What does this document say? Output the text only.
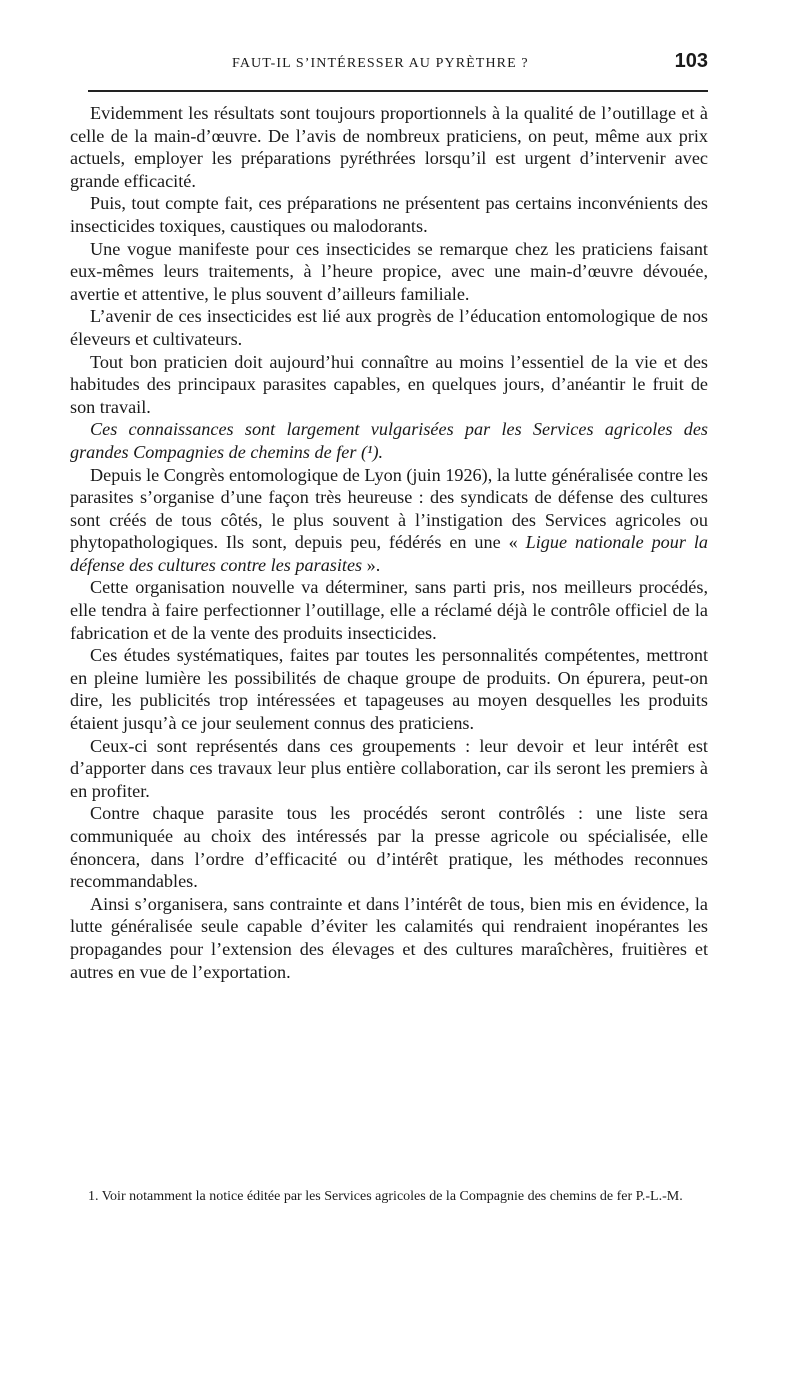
FAUT-IL S’INTÉRESSER AU PYRÈTHRE ?	103

Evidemment les résultats sont toujours proportionnels à la qualité de l’outillage et à celle de la main-d’œuvre. De l’avis de nombreux praticiens, on peut, même aux prix actuels, employer les préparations pyréthrées lorsqu’il est urgent d’intervenir avec grande efficacité.

Puis, tout compte fait, ces préparations ne présentent pas certains inconvénients des insecticides toxiques, caustiques ou malodorants.

Une vogue manifeste pour ces insecticides se remarque chez les praticiens faisant eux-mêmes leurs traitements, à l’heure propice, avec une main-d’œuvre dévouée, avertie et attentive, le plus souvent d’ailleurs familiale.

L’avenir de ces insecticides est lié aux progrès de l’éducation entomologique de nos éleveurs et cultivateurs.

Tout bon praticien doit aujourd’hui connaître au moins l’essentiel de la vie et des habitudes des principaux parasites capables, en quelques jours, d’anéantir le fruit de son travail.

Ces connaissances sont largement vulgarisées par les Services agricoles des grandes Compagnies de chemins de fer (¹).

Depuis le Congrès entomologique de Lyon (juin 1926), la lutte généralisée contre les parasites s’organise d’une façon très heureuse : des syndicats de défense des cultures sont créés de tous côtés, le plus souvent à l’instigation des Services agricoles ou phytopathologiques. Ils sont, depuis peu, fédérés en une « Ligue nationale pour la défense des cultures contre les parasites ».

Cette organisation nouvelle va déterminer, sans parti pris, nos meilleurs procédés, elle tendra à faire perfectionner l’outillage, elle a réclamé déjà le contrôle officiel de la fabrication et de la vente des produits insecticides.

Ces études systématiques, faites par toutes les personnalités compétentes, mettront en pleine lumière les possibilités de chaque groupe de produits. On épurera, peut-on dire, les publicités trop intéressées et tapageuses au moyen desquelles les produits étaient jusqu’à ce jour seulement connus des praticiens.

Ceux-ci sont représentés dans ces groupements : leur devoir et leur intérêt est d’apporter dans ces travaux leur plus entière collaboration, car ils seront les premiers à en profiter.

Contre chaque parasite tous les procédés seront contrôlés : une liste sera communiquée au choix des intéressés par la presse agricole ou spécialisée, elle énoncera, dans l’ordre d’efficacité ou d’intérêt pratique, les méthodes reconnues recommandables.

Ainsi s’organisera, sans contrainte et dans l’intérêt de tous, bien mis en évidence, la lutte généralisée seule capable d’éviter les calamités qui rendraient inopérantes les propagandes pour l’extension des élevages et des cultures maraîchères, fruitières et autres en vue de l’exportation.

1. Voir notamment la notice éditée par les Services agricoles de la Compagnie des chemins de fer P.-L.-M.
